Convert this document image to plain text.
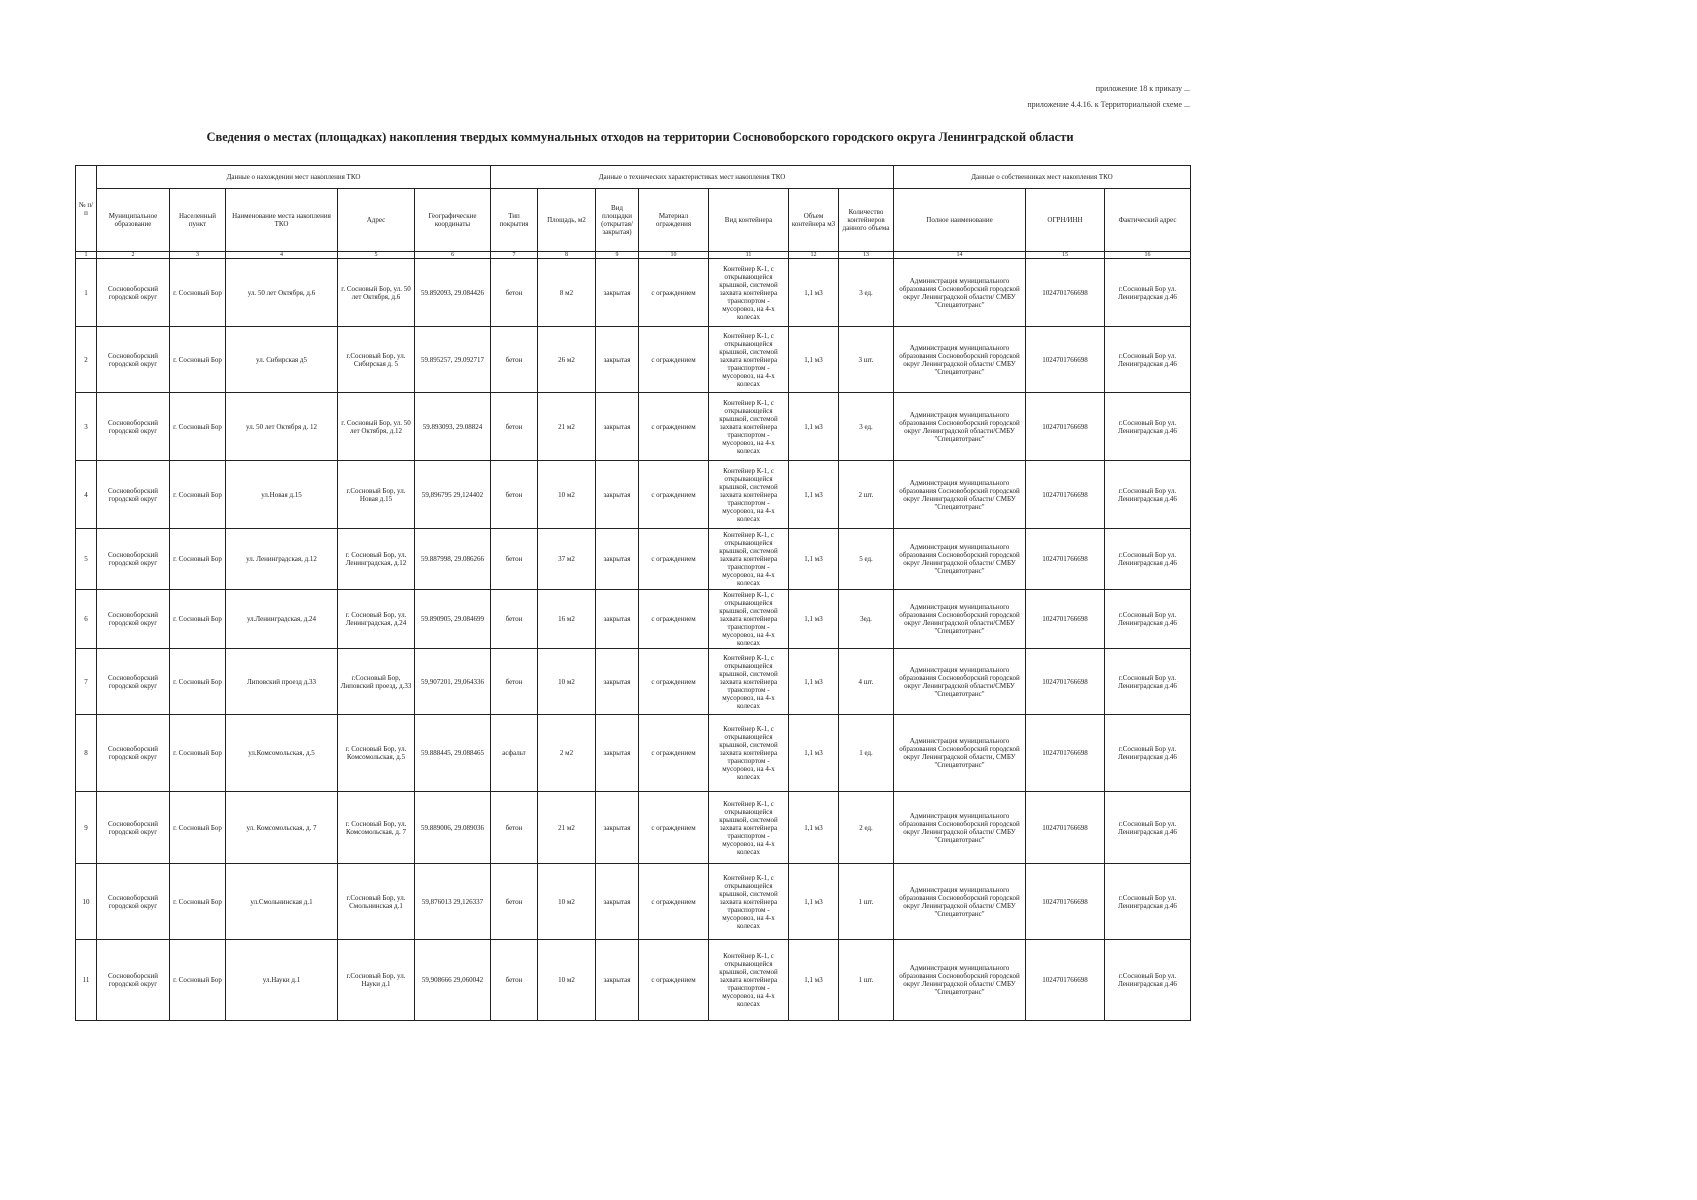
приложение 18 к приказу ...
приложение 4.4.16. к Территориальной схеме ...
Сведения о местах (площадках) накопления твердых коммунальных отходов на территории Сосновоборского городского округа Ленинградской области
№ п/п	Данные о нахождении мест накопления ТКО					Данные о технических характеристиках мест накопления ТКО							Данные о собственниках мест накопления ТКО		
	Муниципальное образование	Населенный пункт	Наименование места накопления ТКО	Адрес	Географические координаты	Тип покрытия	Площадь, м2	Вид площадки (открытая/закрытая)	Материал ограждения	Вид контейнера	Объем контейнера м3	Количество контейнеров данного объема	Полное наименование	ОГРН/ИНН	Фактический адрес
1	2	3	4	5	6	7	8	9	10	11	12	13	14	15	16
1	Сосновоборский городской округ	г. Сосновый Бор	ул. 50 лет Октября, д.6	г. Сосновый Бор, ул. 50 лет Октября, д.6	59.892093, 29.084426	бетон	8 м2	закрытая	с ограждением	Контейнер К-1, с открывающейся крышкой, системой захвата контейнера транспортом - мусоровоз, на 4-х колесах	1,1 м3	3 ед.	Администрация муниципального образования Сосновоборский городской округ Ленинградской области/ СМБУ "Спецавтотранс"	1024701766698	г.Сосновый Бор ул. Ленинградская д.46
2	Сосновоборский городской округ	г. Сосновый Бор	ул. Сибирская д5	г.Сосновый Бор, ул. Сибирская д. 5	59.895257, 29.092717	бетон	26 м2	закрытая	с ограждением	Контейнер К-1, с открывающейся крышкой, системой захвата контейнера транспортом - мусоровоз, на 4-х колесах	1,1 м3	3 шт.	Администрация муниципального образования Сосновоборский городской округ Ленинградской области/ СМБУ "Спецавтотранс"	1024701766698	г.Сосновый Бор ул. Ленинградская д.46
3	Сосновоборский городской округ	г. Сосновый Бор	ул. 50 лет Октября д. 12	г. Сосновый Бор, ул. 50 лет Октября, д.12	59.893093, 29.08824	бетон	21 м2	закрытая	с ограждением	Контейнер К-1, с открывающейся крышкой, системой захвата контейнера транспортом - мусоровоз, на 4-х колесах	1,1 м3	3 ед.	Администрация муниципального образования Сосновоборский городской округ Ленинградской области/СМБУ "Спецавтотранс"	1024701766698	г.Сосновый Бор ул. Ленинградская д.46
4	Сосновоборский городской округ	г. Сосновый Бор	ул.Новая д.15	г.Сосновый Бор, ул. Новая д.15	59,896795 29,124402	бетон	10 м2	закрытая	с ограждением	Контейнер К-1, с открывающейся крышкой, системой захвата контейнера транспортом - мусоровоз, на 4-х колесах	1,1 м3	2 шт.	Администрация муниципального образования Сосновоборский городской округ Ленинградской области/ СМБУ "Спецавтотранс"	1024701766698	г.Сосновый Бор ул. Ленинградская д.46
5	Сосновоборский городской округ	г. Сосновый Бор	ул. Ленинградская, д.12	г. Сосновый Бор, ул. Ленинградская, д.12	59.887998, 29.086266	бетон	37 м2	закрытая	с ограждением	Контейнер К-1, с открывающейся крышкой, системой захвата контейнера транспортом - мусоровоз, на 4-х колесах	1,1 м3	5 ед.	Администрация муниципального образования Сосновоборский городской округ Ленинградской области/ СМБУ "Спецавтотранс"	1024701766698	г.Сосновый Бор ул. Ленинградская д.46
6	Сосновоборский городской округ	г. Сосновый Бор	ул.Ленинградская, д.24	г. Сосновый Бор, ул. Ленинградская, д.24	59.890905, 29.084699	бетон	16 м2	закрытая	с ограждением	Контейнер К-1, с открывающейся крышкой, системой захвата контейнера транспортом - мусоровоз, на 4-х колесах	1,1 м3	3ед.	Администрация муниципального образования Сосновоборский городской округ Ленинградской области/СМБУ "Спецавтотранс"	1024701766698	г.Сосновый Бор ул. Ленинградская д.46
7	Сосновоборский городской округ	г. Сосновый Бор	Липовский проезд д.33	г.Сосновый Бор, Липовский проезд, д.33	59,907201, 29,064336	бетон	10 м2	закрытая	с ограждением	Контейнер К-1, с открывающейся крышкой, системой захвата контейнера транспортом - мусоровоз, на 4-х колесах	1,1 м3	4 шт.	Администрация муниципального образования Сосновоборский городской округ Ленинградской области/СМБУ "Спецавтотранс"	1024701766698	г.Сосновый Бор ул. Ленинградская д.46
8	Сосновоборский городской округ	г. Сосновый Бор	ул.Комсомольская, д.5	г. Сосновый Бор, ул. Комсомольская, д.5	59.888445, 29.088465	асфальт	2 м2	закрытая	с ограждением	Контейнер К-1, с открывающейся крышкой, системой захвата контейнера транспортом - мусоровоз, на 4-х колесах	1,1 м3	1 ед.	Администрация муниципального образования Сосновоборский городской округ Ленинградской области, СМБУ "Спецавтотранс"	1024701766698	г.Сосновый Бор ул. Ленинградская д.46
9	Сосновоборский городской округ	г. Сосновый Бор	ул. Комсомольская, д. 7	г. Сосновый Бор, ул. Комсомольская, д. 7	59.889006, 29.089036	бетон	21 м2	закрытая	с ограждением	Контейнер К-1, с открывающейся крышкой, системой захвата контейнера транспортом - мусоровоз, на 4-х колесах	1,1 м3	2 ед.	Администрация муниципального образования Сосновоборский городской округ Ленинградской области/ СМБУ "Спецавтотранс"	1024701766698	г.Сосновый Бор ул. Ленинградская д.46
10	Сосновоборский городской округ	г. Сосновый Бор	ул.Смольнинская д.1	г.Сосновый Бор, ул. Смольнинская д.1	59,876013 29,126337	бетон	10 м2	закрытая	с ограждением	Контейнер К-1, с открывающейся крышкой, системой захвата контейнера транспортом - мусоровоз, на 4-х колесах	1,1 м3	1 шт.	Администрация муниципального образования Сосновоборский городской округ Ленинградской области/ СМБУ "Спецавтотранс"	1024701766698	г.Сосновый Бор ул. Ленинградская д.46
11	Сосновоборский городской округ	г. Сосновый Бор	ул.Науки д.1	г.Сосновый Бор, ул. Науки д.1	59,908666 29,060042	бетон	10 м2	закрытая	с ограждением	Контейнер К-1, с открывающейся крышкой, системой захвата контейнера транспортом - мусоровоз, на 4-х колесах	1,1 м3	1 шт.	Администрация муниципального образования Сосновоборский городской округ Ленинградской области/ СМБУ "Спецавтотранс"	1024701766698	г.Сосновый Бор ул. Ленинградская д.46
